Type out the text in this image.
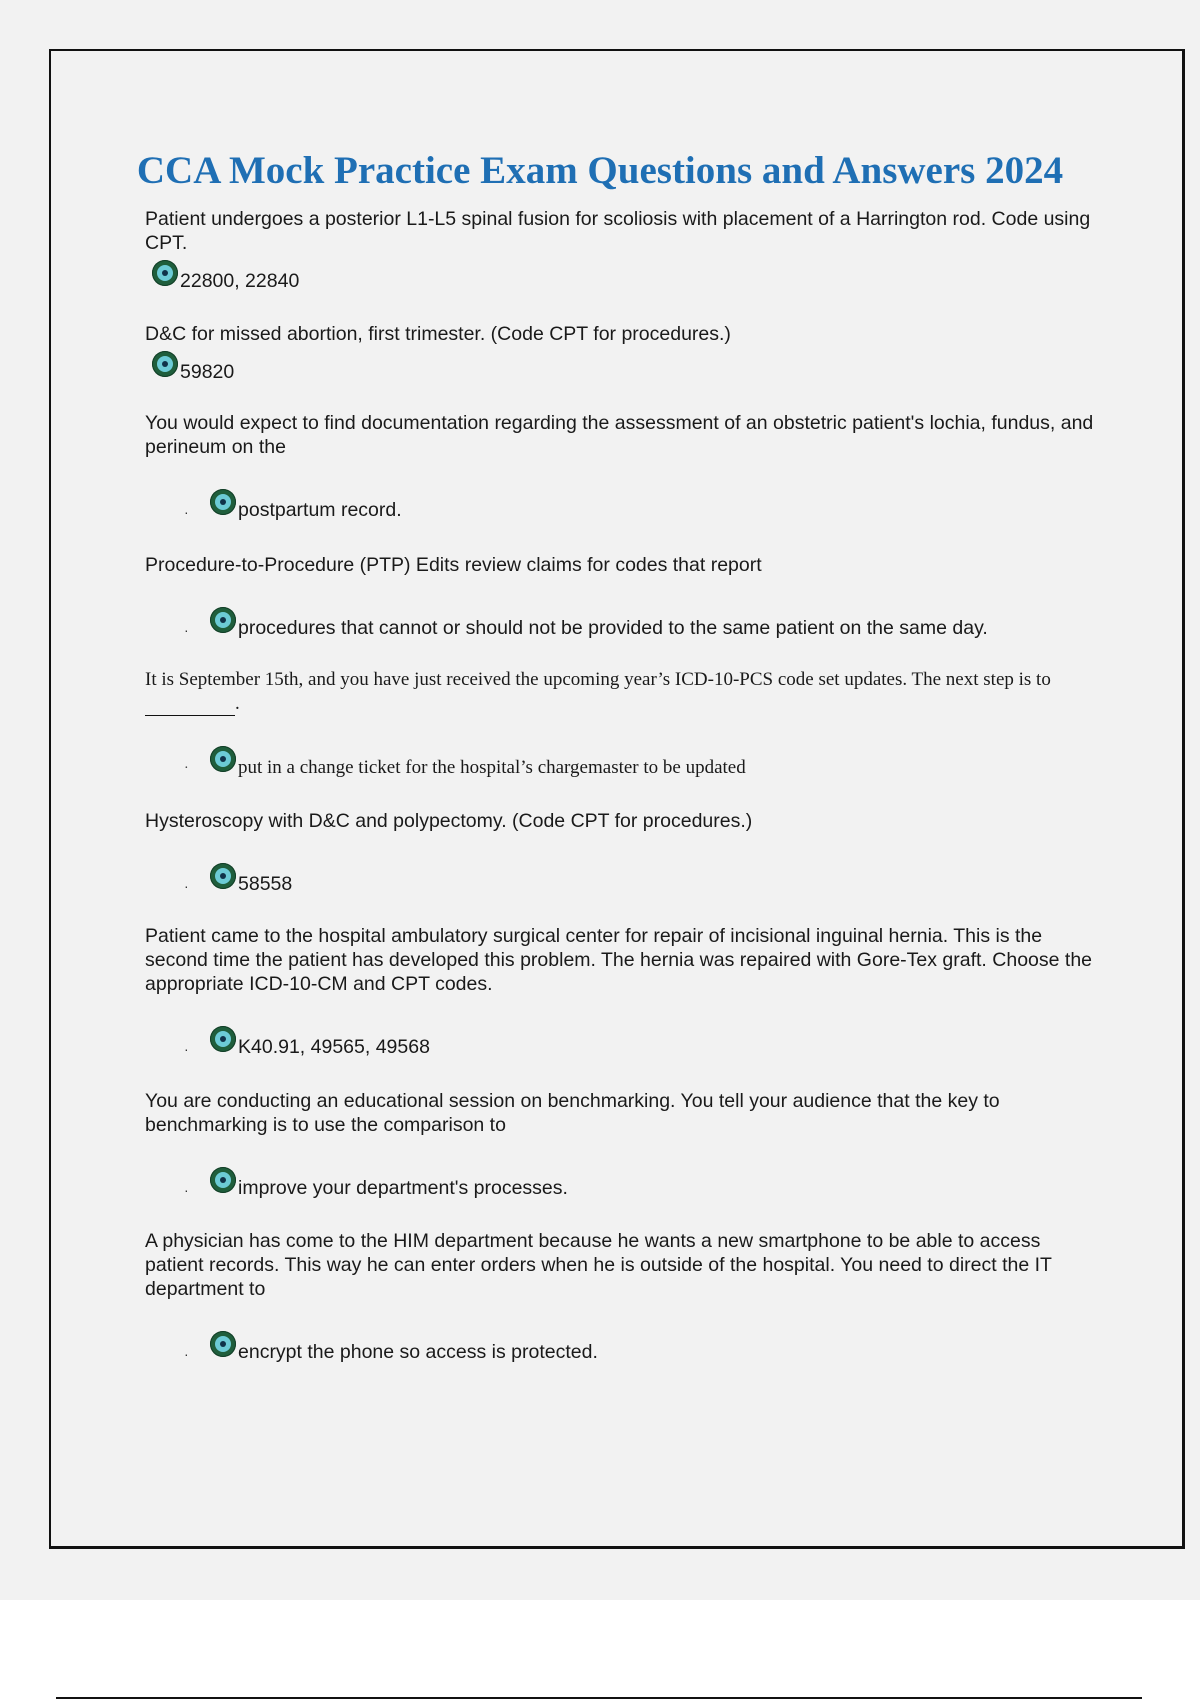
CCA Mock Practice Exam Questions and Answers 2024

Patient undergoes a posterior L1-L5 spinal fusion for scoliosis with placement of a Harrington rod. Code using CPT.

22800, 22840

D&C for missed abortion, first trimester. (Code CPT for procedures.)

59820

You would expect to find documentation regarding the assessment of an obstetric patient's lochia, fundus, and perineum on the

·	postpartum record.

Procedure-to-Procedure (PTP) Edits review claims for codes that report

·	procedures that cannot or should not be provided to the same patient on the same day.

It is September 15th, and you have just received the upcoming year’s ICD-10-PCS code set updates. The next step is to.

·	put in a change ticket for the hospital’s chargemaster to be updated

Hysteroscopy with D&C and polypectomy. (Code CPT for procedures.)

·	58558

Patient came to the hospital ambulatory surgical center for repair of incisional inguinal hernia. This is the second time the patient has developed this problem. The hernia was repaired with Gore-Tex graft. Choose the appropriate ICD-10-CM and CPT codes.

·	K40.91, 49565, 49568

You are conducting an educational session on benchmarking. You tell your audience that the key to benchmarking is to use the comparison to

·	improve your department's processes.

A physician has come to the HIM department because he wants a new smartphone to be able to access patient records. This way he can enter orders when he is outside of the hospital. You need to direct the IT department to

·	encrypt the phone so access is protected.
